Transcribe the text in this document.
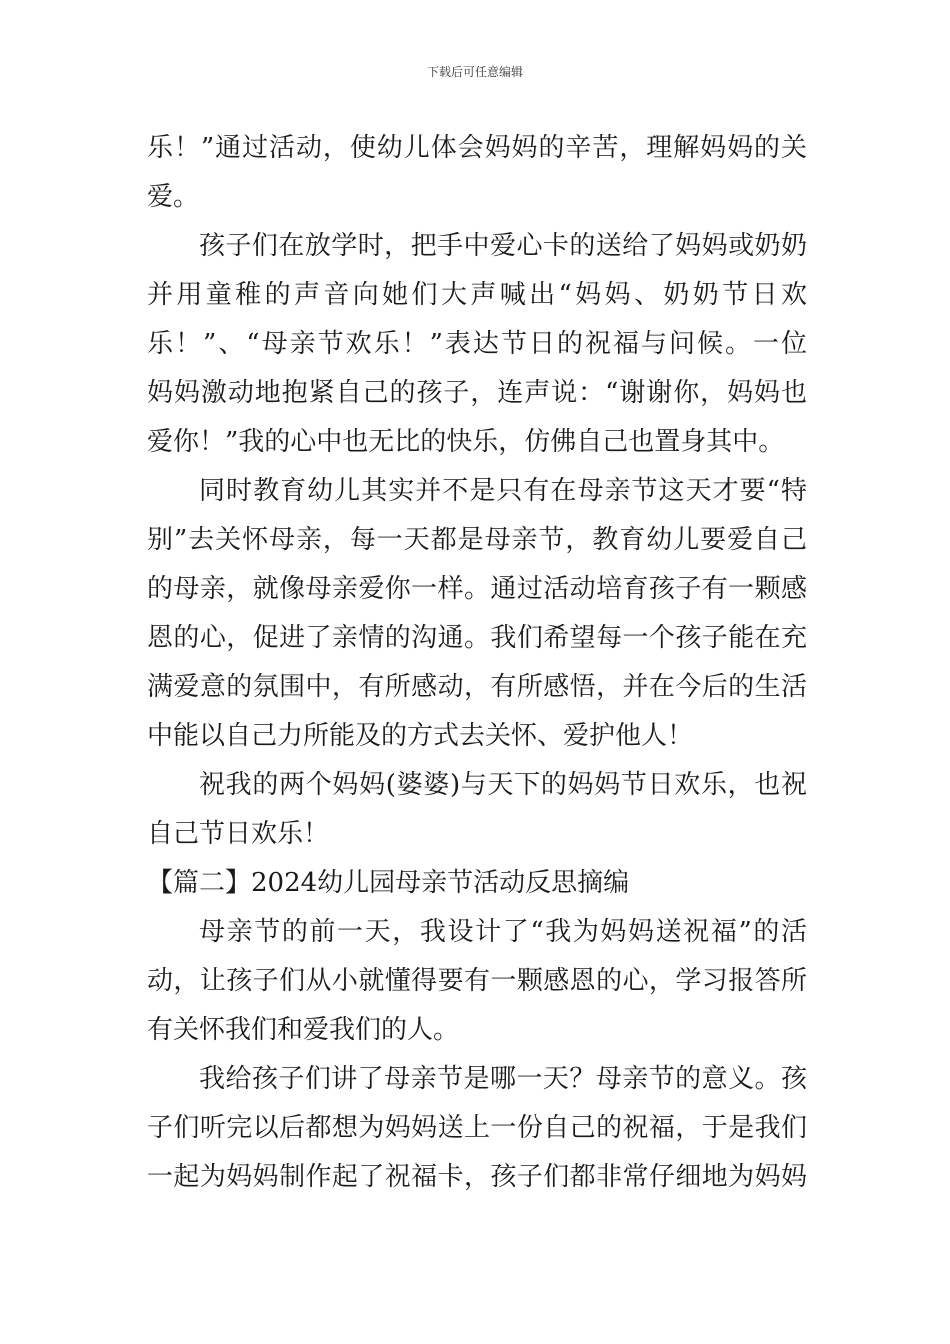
下载后可任意编辑
乐！”通过活动，使幼儿体会妈妈的辛苦，理解妈妈的关
爱。
孩子们在放学时，把手中爱心卡的送给了妈妈或奶奶
并用童稚的声音向她们大声喊出“妈妈、奶奶节日欢
乐！”、“母亲节欢乐！”表达节日的祝福与问候。一位
妈妈激动地抱紧自己的孩子，连声说：“谢谢你，妈妈也
爱你！”我的心中也无比的快乐，仿佛自己也置身其中。
同时教育幼儿其实并不是只有在母亲节这天才要“特
别”去关怀母亲，每一天都是母亲节，教育幼儿要爱自己
的母亲，就像母亲爱你一样。通过活动培育孩子有一颗感
恩的心，促进了亲情的沟通。我们希望每一个孩子能在充
满爱意的氛围中，有所感动，有所感悟，并在今后的生活
中能以自己力所能及的方式去关怀、爱护他人！
祝我的两个妈妈(婆婆)与天下的妈妈节日欢乐，也祝
自己节日欢乐！
【篇二】2024幼儿园母亲节活动反思摘编
母亲节的前一天，我设计了“我为妈妈送祝福”的活
动，让孩子们从小就懂得要有一颗感恩的心，学习报答所
有关怀我们和爱我们的人。
我给孩子们讲了母亲节是哪一天？母亲节的意义。孩
子们听完以后都想为妈妈送上一份自己的祝福，于是我们
一起为妈妈制作起了祝福卡，孩子们都非常仔细地为妈妈
